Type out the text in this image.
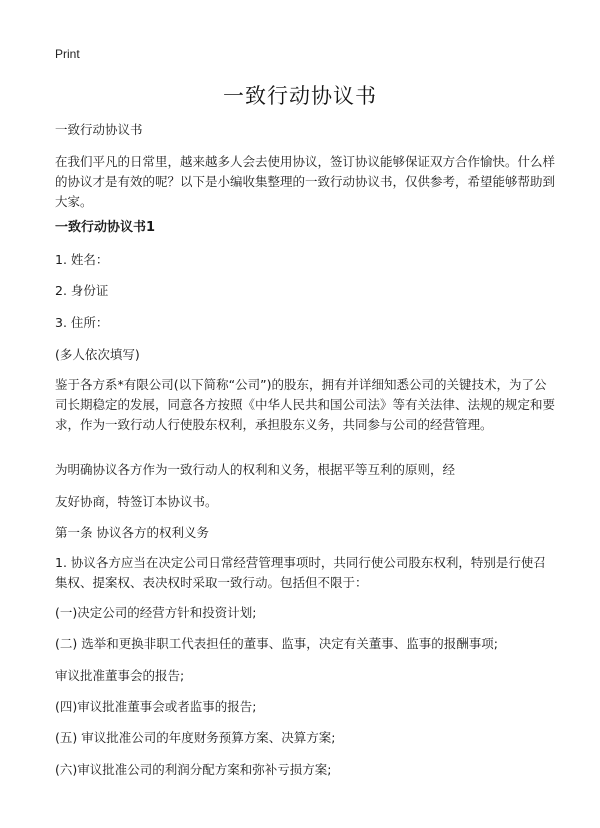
Print
一致行动协议书

一致行动协议书

在我们平凡的日常里，越来越多人会去使用协议，签订协议能够保证双方合作愉快。什么样的协议才是有效的呢？以下是小编收集整理的一致行动协议书，仅供参考，希望能够帮助到大家。

一致行动协议书1

1. 姓名：

2. 身份证

3. 住所：

(多人依次填写)

鉴于各方系*有限公司(以下简称“公司”)的股东，拥有并详细知悉公司的关键技术，为了公司长期稳定的发展，同意各方按照《中华人民共和国公司法》等有关法律、法规的规定和要求，作为一致行动人行使股东权利，承担股东义务，共同参与公司的经营管理。

为明确协议各方作为一致行动人的权利和义务，根据平等互利的原则，经

友好协商，特签订本协议书。

第一条 协议各方的权利义务

1. 协议各方应当在决定公司日常经营管理事项时，共同行使公司股东权利，特别是行使召集权、提案权、表决权时采取一致行动。包括但不限于：

(一)决定公司的经营方针和投资计划;

(二) 选举和更换非职工代表担任的董事、监事，决定有关董事、监事的报酬事项;

审议批准董事会的报告;

(四)审议批准董事会或者监事的报告;

(五) 审议批准公司的年度财务预算方案、决算方案;

(六)审议批准公司的利润分配方案和弥补亏损方案;
